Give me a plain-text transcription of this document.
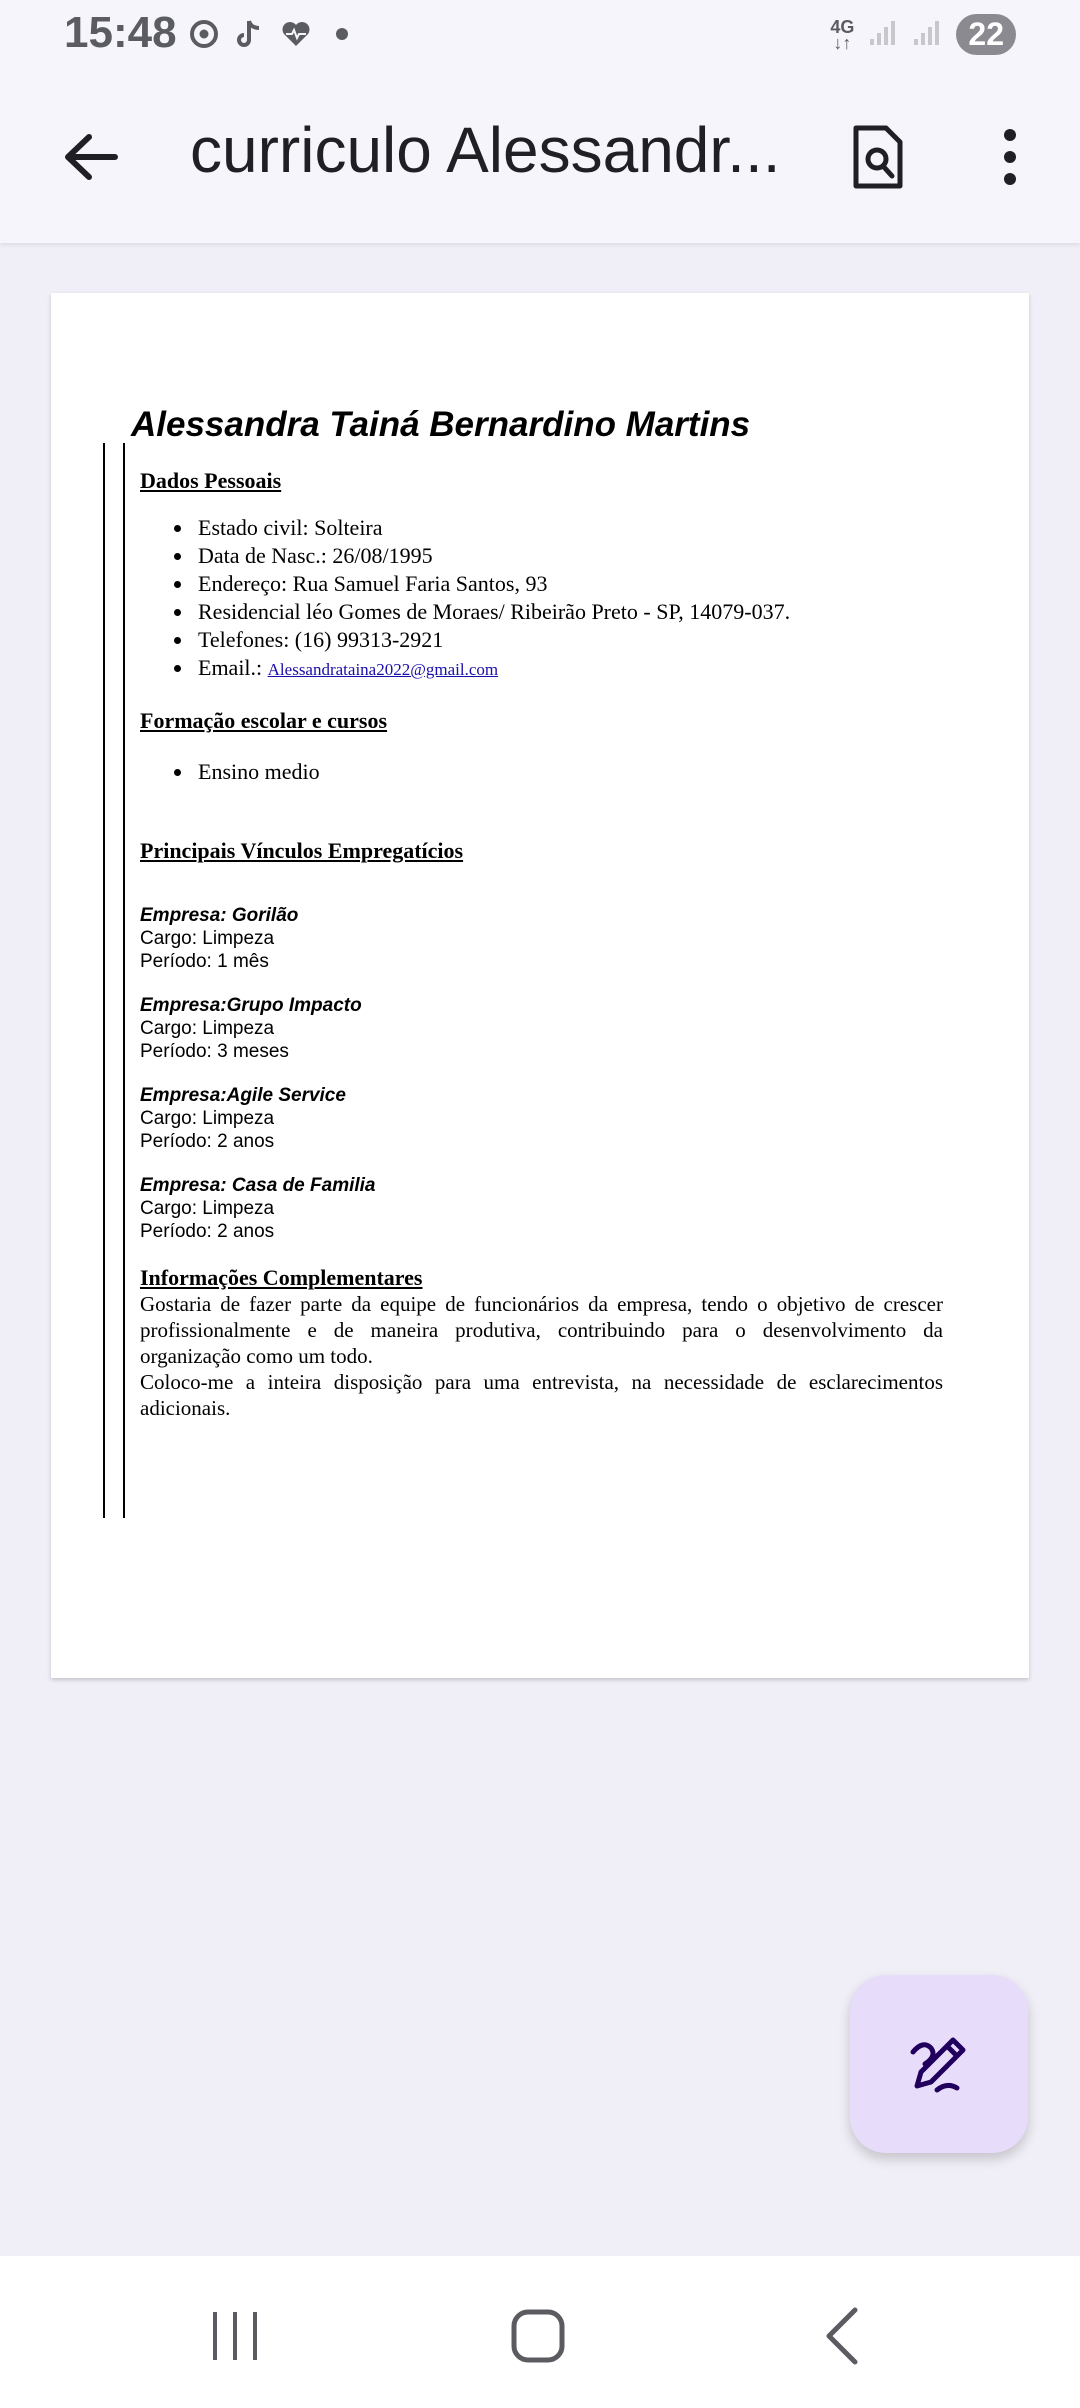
15:48	4G
↓↑	22
curriculo Alessandr...
Alessandra Tainá Bernardino Martins

Dados Pessoais

Estado civil: Solteira
Data de Nasc.: 26/08/1995
Endereço: Rua Samuel Faria Santos, 93
Residencial léo Gomes de Moraes/ Ribeirão Preto - SP, 14079-037.
Telefones: (16) 99313-2921
Email.: Alessandrataina2022@gmail.com

Formação escolar e cursos

Ensino medio

Principais Vínculos Empregatícios

Empresa: Gorilão
Cargo: Limpeza
Período: 1 mês
Empresa:Grupo Impacto
Cargo: Limpeza
Período: 3 meses
Empresa:Agile Service
Cargo: Limpeza
Período: 2 anos
Empresa: Casa de Familia
Cargo: Limpeza
Período: 2 anos

Informações Complementares

Gostaria de fazer parte da equipe de funcionários da empresa, tendo o objetivo de crescer profissionalmente e de maneira produtiva, contribuindo para o desenvolvimento da organização como um todo.

Coloco-me a inteira disposição para uma entrevista, na necessidade de esclarecimentos adicionais.
